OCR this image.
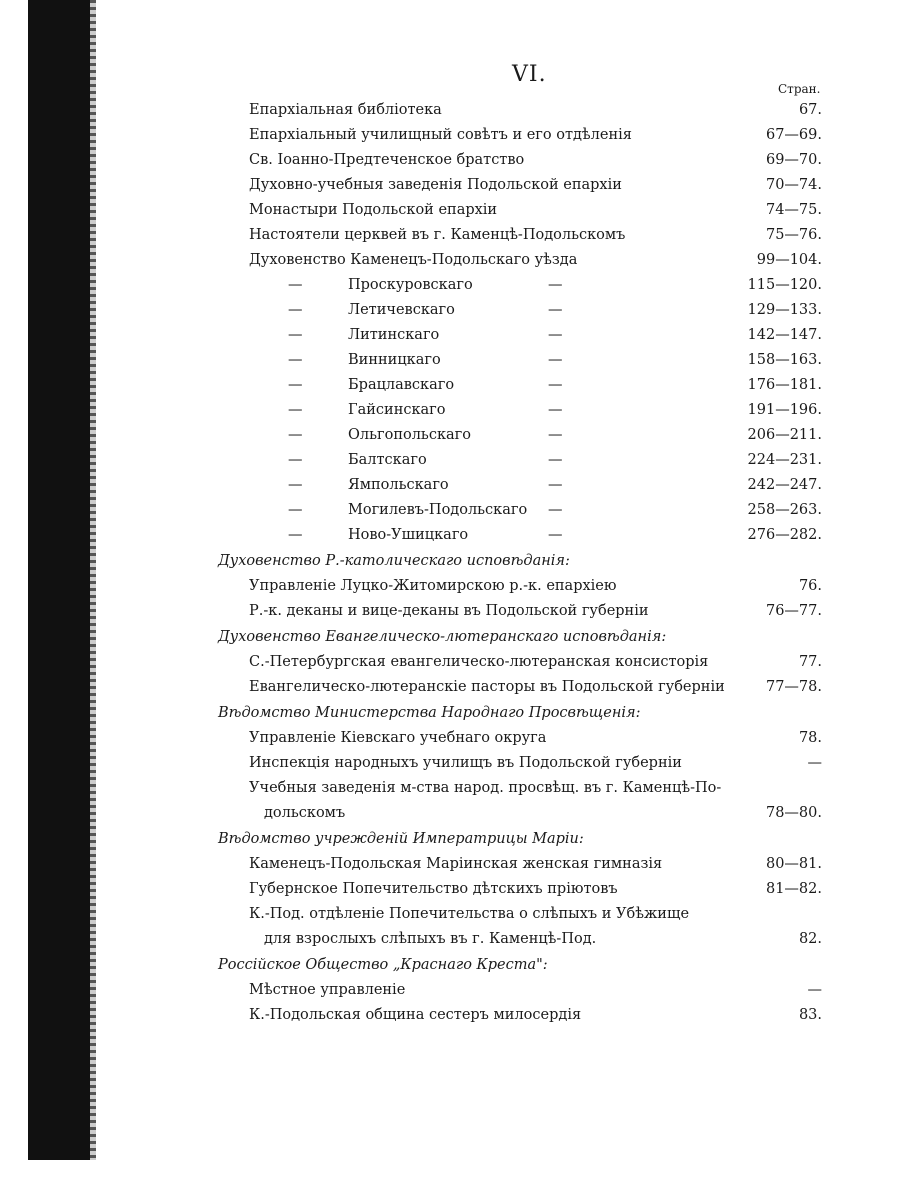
VI.
Стран.
Епархіальная библіотека	67.
Епархіальный училищный совѣтъ и его отдѣленія	67—69.
Св. Іоанно-Предтеченское братство	69—70.
Духовно-учебныя заведенія Подольской епархіи	70—74.
Монастыри Подольской епархіи	74—75.
Настоятели церквей въ г. Каменцѣ-Подольскомъ	75—76.
Духовенство Каменецъ-Подольскаго уѣзда	99—104.
—	Проскуровскаго	—	115—120.
—	Летичевскаго	—	129—133.
—	Литинскаго	—	142—147.
—	Винницкаго	—	158—163.
—	Брацлавскаго	—	176—181.
—	Гайсинскаго	—	191—196.
—	Ольгопольскаго	—	206—211.
—	Балтскаго	—	224—231.
—	Ямпольскаго	—	242—247.
—	Могилевъ-Подольскаго —	258—263.
—	Ново-Ушицкаго	—	276—282.
Духовенство Р.-католическаго исповѣданія:
Управленіе Луцко-Житомирскою р.-к. епархіею	76.
Р.-к. деканы и вице-деканы въ Подольской губерніи	76—77.
Духовенство Евангелическо-лютеранскаго исповѣданія:
С.-Петербургская евангелическо-лютеранская консисторія	77.
Евангелическо-лютеранскіе пасторы въ Подольской губерніи	77—78.
Вѣдомство Министерства Народнаго Просвѣщенія:
Управленіе Кіевскаго учебнаго округа	78.
Инспекція народныхъ училищъ въ Подольской губерніи	—
Учебныя заведенія м-ства народ. просвѣщ. въ г. Каменцѣ-По-
дольскомъ	78—80.
Вѣдомство учрежденій Императрицы Маріи:
Каменецъ-Подольская Маріинская женская гимназія	80—81.
Губернское Попечительство дѣтскихъ пріютовъ	81—82.
К.-Под. отдѣленіе Попечительства о слѣпыхъ и Убѣжище
для взрослыхъ слѣпыхъ въ г. Каменцѣ-Под.	82.
Россійское Общество „Краснаго Креста":
Мѣстное управленіе	—
К.-Подольская община сестеръ милосердія	83.
